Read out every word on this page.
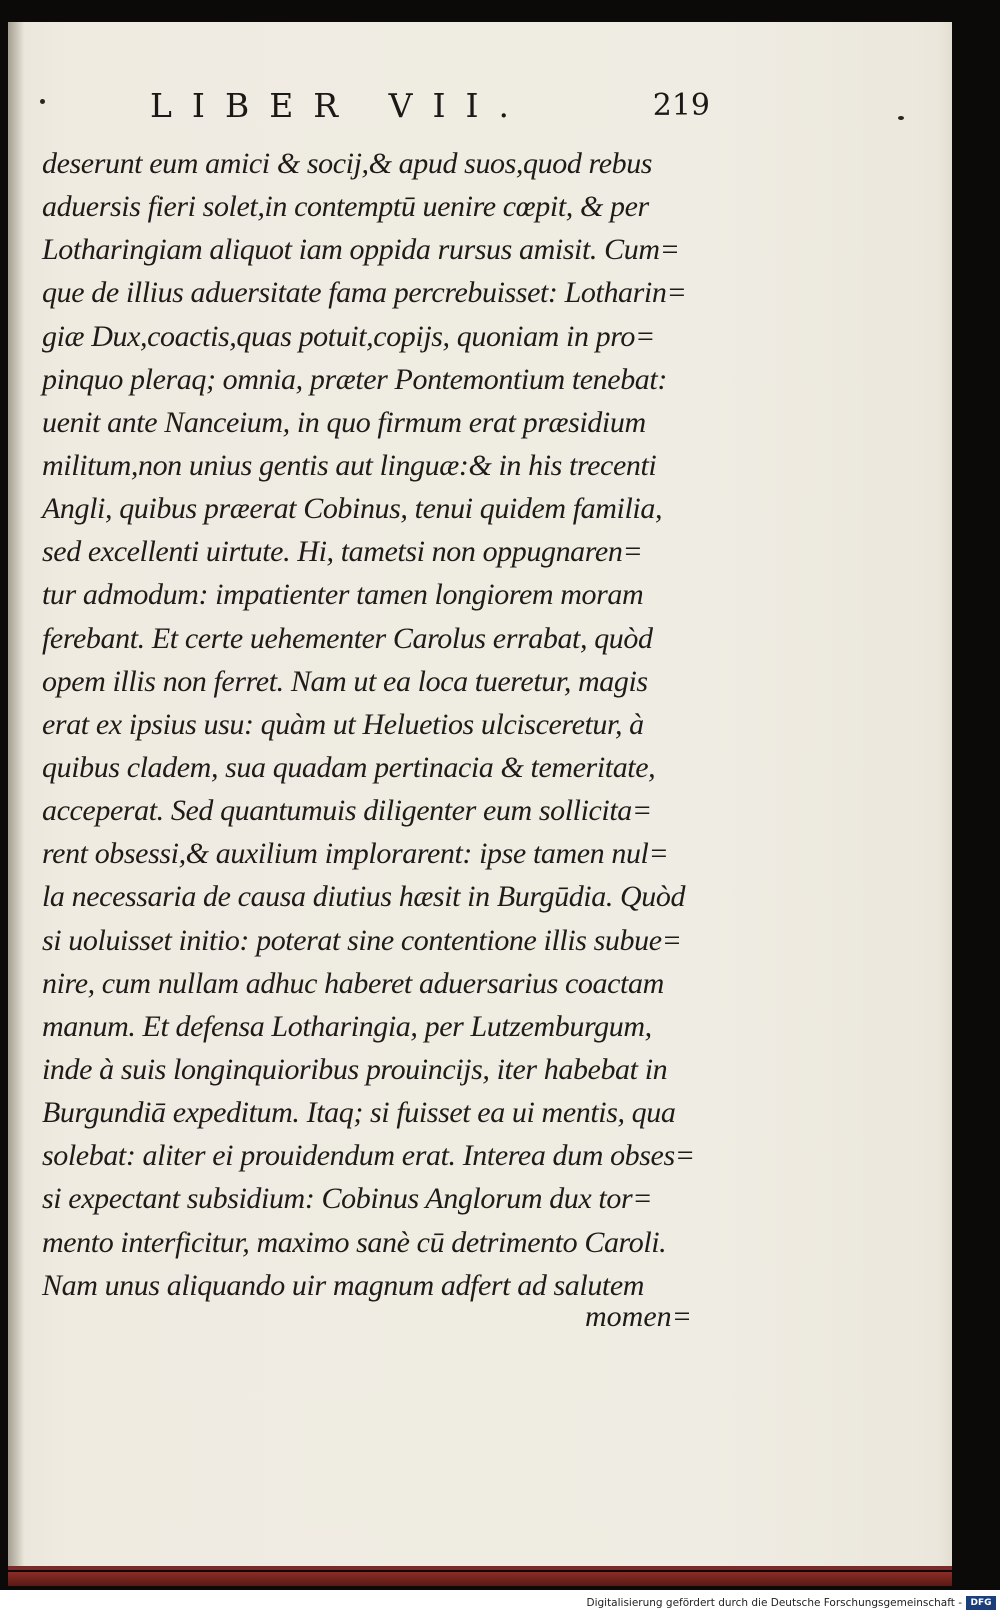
LIBER VII.	219
deserunt eum amici & socij,& apud suos,quod rebus
aduersis fieri solet,in contemptū uenire cœpit, & per
Lotharingiam aliquot iam oppida rursus amisit. Cum=
que de illius aduersitate fama percrebuisset: Lotharin=
giæ Dux,coactis,quas potuit,copijs, quoniam in pro=
pinquo pleraq; omnia, præter Pontemontium tenebat:
uenit ante Nanceium, in quo firmum erat præsidium
militum,non unius gentis aut linguæ:& in his trecenti
Angli, quibus præerat Cobinus, tenui quidem familia,
sed excellenti uirtute. Hi, tametsi non oppugnaren=
tur admodum: impatienter tamen longiorem moram
ferebant. Et certe uehementer Carolus errabat, quòd
opem illis non ferret. Nam ut ea loca tueretur, magis
erat ex ipsius usu: quàm ut Heluetios ulcisceretur, à
quibus cladem, sua quadam pertinacia & temeritate,
acceperat. Sed quantumuis diligenter eum sollicita=
rent obsessi,& auxilium implorarent: ipse tamen nul=
la necessaria de causa diutius hæsit in Burgūdia. Quòd
si uoluisset initio: poterat sine contentione illis subue=
nire, cum nullam adhuc haberet aduersarius coactam
manum. Et defensa Lotharingia, per Lutzemburgum,
inde à suis longinquioribus prouincijs, iter habebat in
Burgundiā expeditum. Itaq; si fuisset ea ui mentis, qua
solebat: aliter ei prouidendum erat. Interea dum obses=
si expectant subsidium: Cobinus Anglorum dux tor=
mento interficitur, maximo sanè cū detrimento Caroli.
Nam unus aliquando uir magnum adfert ad salutem
momen=
Digitalisierung gefördert durch die Deutsche Forschungsgemeinschaft - DFG
